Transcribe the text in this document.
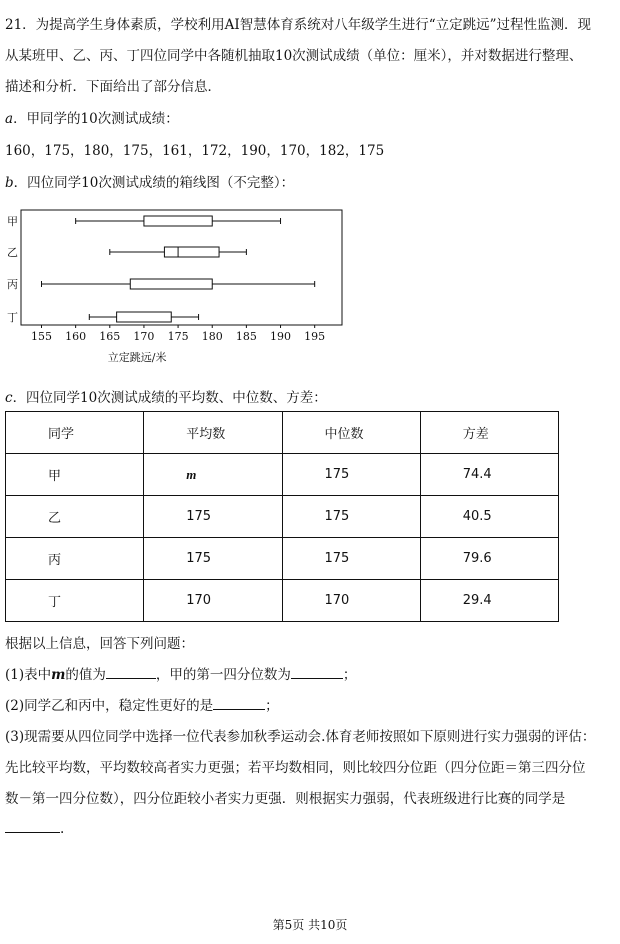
21．为提高学生身体素质，学校利用AI智慧体育系统对八年级学生进行“立定跳远”过程性监测．现
从某班甲、乙、丙、丁四位同学中各随机抽取10次测试成绩（单位：厘米），并对数据进行整理、
描述和分析．下面给出了部分信息．
a．甲同学的10次测试成绩：
160，175，180，175，161，172，190，170，182，175
b．四位同学10次测试成绩的箱线图（不完整）：
甲
乙
丙
丁
155 160 165 170 175 180 185 190 195
立定跳远/米
c．四位同学10次测试成绩的平均数、中位数、方差：
同学	平均数	中位数	方差
甲	m	175	74.4
乙	175	175	40.5
丙	175	175	79.6
丁	170	170	29.4
根据以上信息，回答下列问题：
(1)表中m的值为	，甲的第一四分位数为	；
(2)同学乙和丙中，稳定性更好的是	；
(3)现需要从四位同学中选择一位代表参加秋季运动会.体育老师按照如下原则进行实力强弱的评估：
先比较平均数，平均数较高者实力更强；若平均数相同，则比较四分位距（四分位距＝第三四分位
数－第一四分位数），四分位距较小者实力更强．则根据实力强弱，代表班级进行比赛的同学是
.
第5页 共10页
